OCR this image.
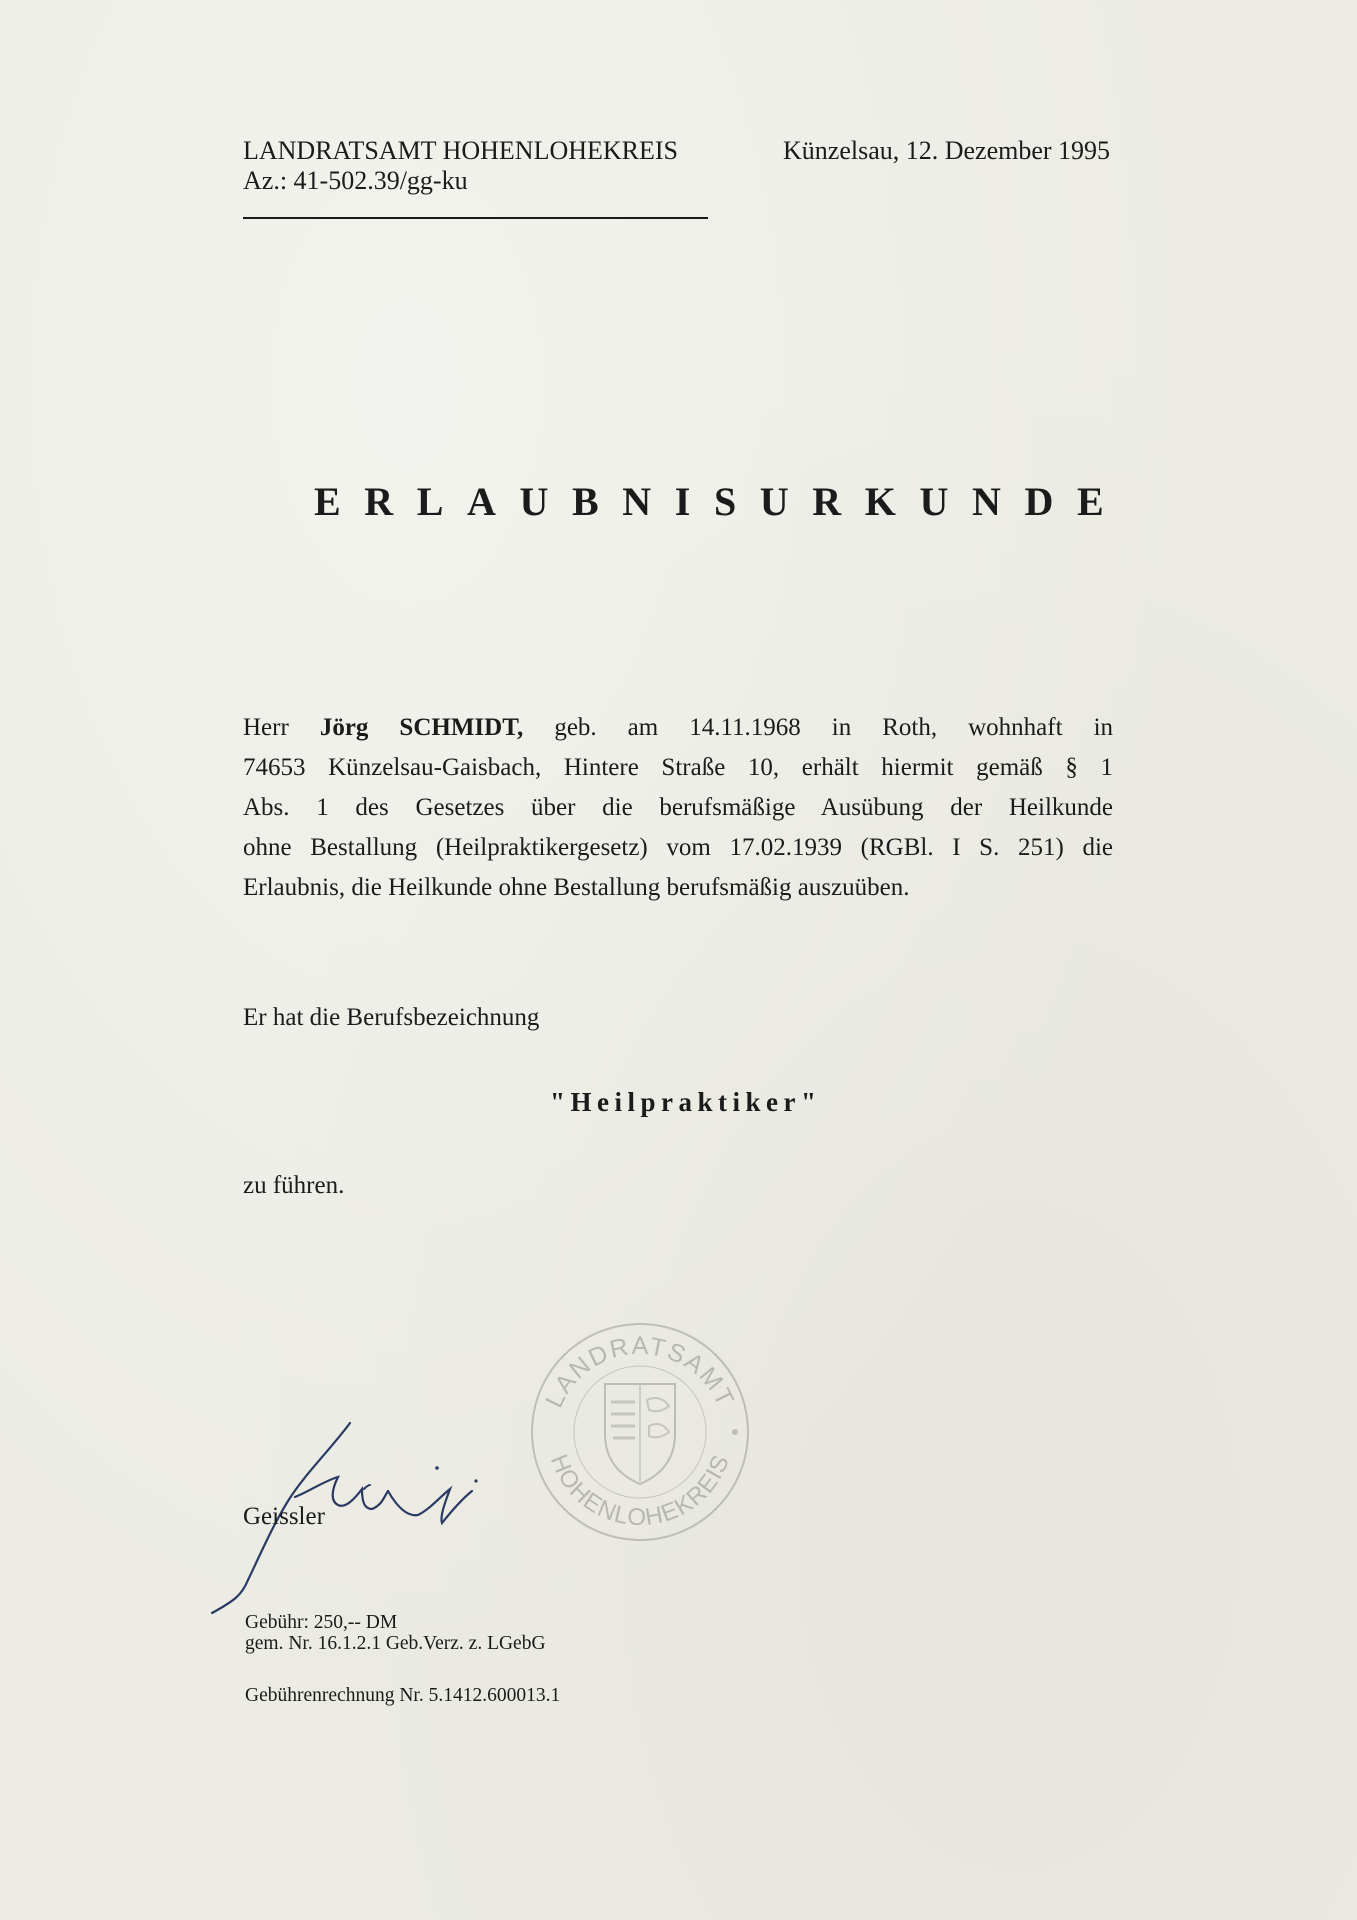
LANDRATSAMT HOHENLOHEKREIS
Az.: 41-502.39/gg-ku
Künzelsau, 12. Dezember 1995
ERLAUBNISURKUNDE
Herr Jörg SCHMIDT, geb. am 14.11.1968 in Roth, wohnhaft in
74653 Künzelsau-Gaisbach, Hintere Straße 10, erhält hiermit gemäß § 1
Abs. 1 des Gesetzes über die berufsmäßige Ausübung der Heilkunde
ohne Bestallung (Heilpraktikergesetz) vom 17.02.1939 (RGBl. I S. 251) die
Erlaubnis, die Heilkunde ohne Bestallung berufsmäßig auszuüben.
Er hat die Berufsbezeichnung
"Heilpraktiker"
zu führen.
LANDRATSAMT
HOHENLOHEKREIS
Geissler
Gebühr: 250,-- DM
gem. Nr. 16.1.2.1 Geb.Verz. z. LGebG
Gebührenrechnung Nr. 5.1412.600013.1
